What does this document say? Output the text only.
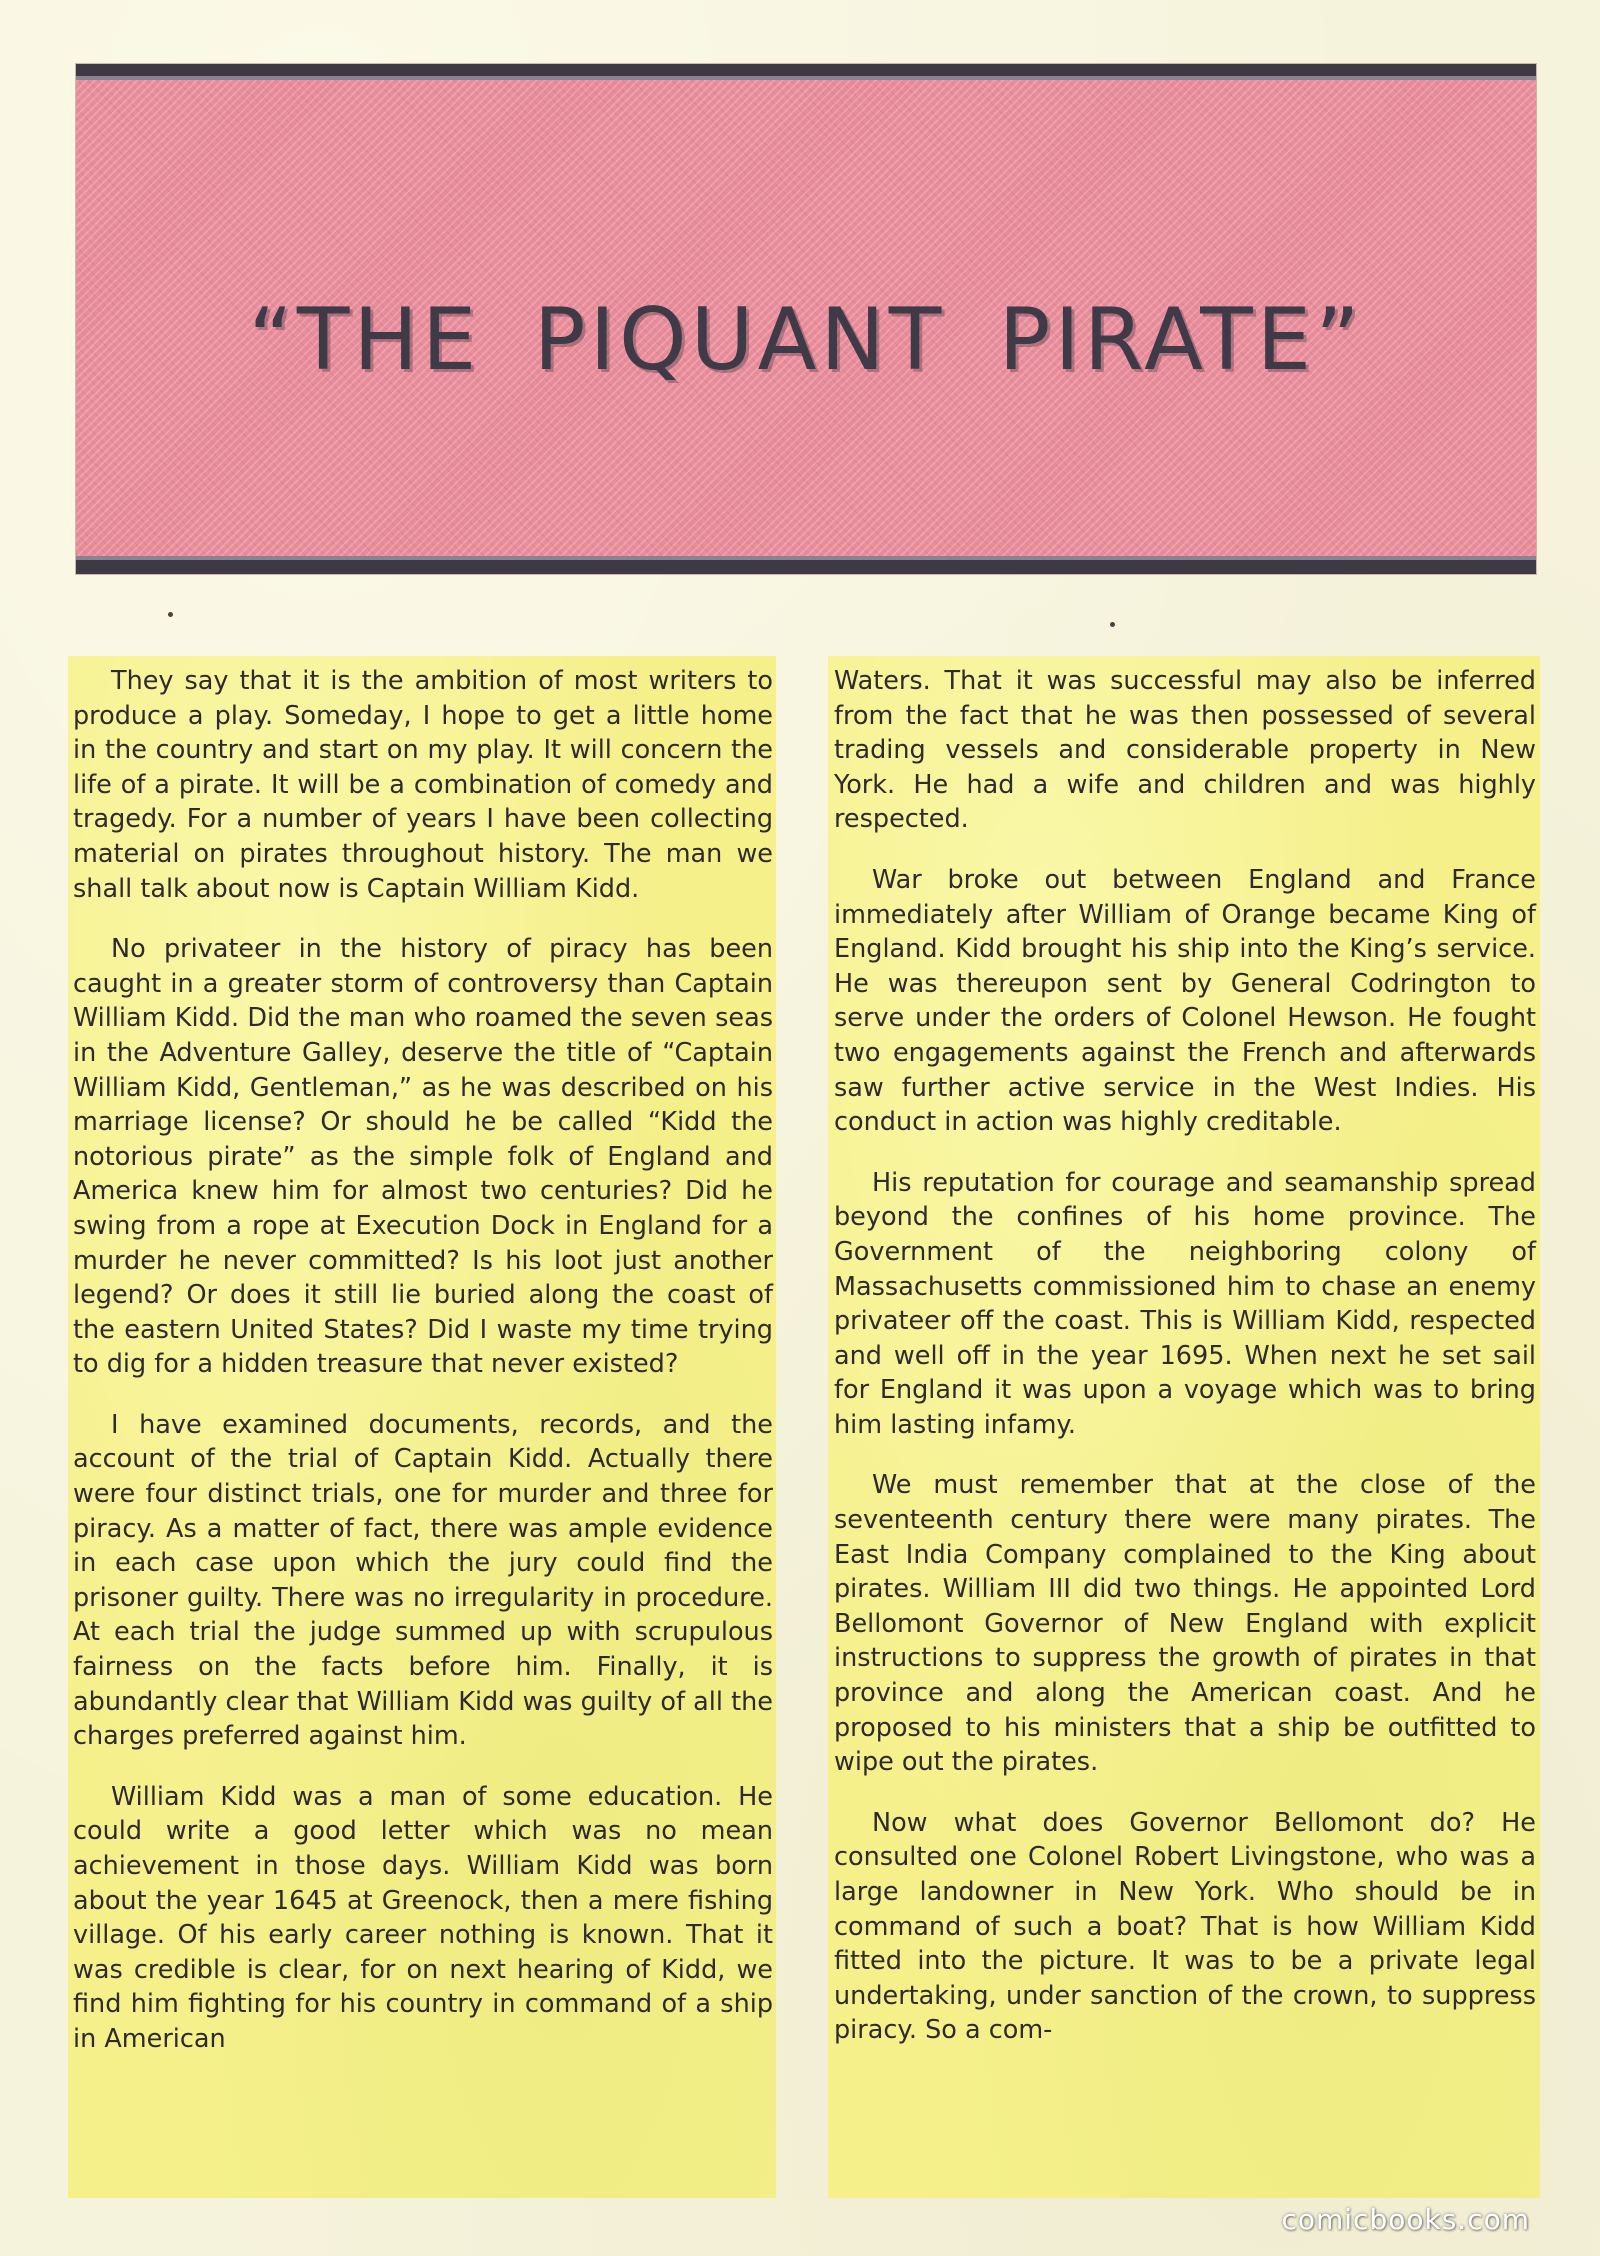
“THE PIQUANT PIRATE”

They say that it is the ambition of most writers to produce a play. Someday, I hope to get a little home in the country and start on my play. It will concern the life of a pirate. It will be a combination of comedy and tragedy. For a number of years I have been collecting material on pirates throughout history. The man we shall talk about now is Captain William Kidd.

No privateer in the history of piracy has been caught in a greater storm of controversy than Captain William Kidd. Did the man who roamed the seven seas in the Adventure Galley, deserve the title of “Captain William Kidd, Gentleman,” as he was described on his marriage license? Or should he be called “Kidd the notorious pirate” as the simple folk of England and America knew him for almost two centuries? Did he swing from a rope at Execution Dock in England for a murder he never committed? Is his loot just another legend? Or does it still lie buried along the coast of the eastern United States? Did I waste my time trying to dig for a hidden treasure that never existed?

I have examined documents, records, and the account of the trial of Captain Kidd. Actually there were four distinct trials, one for murder and three for piracy. As a matter of fact, there was ample evidence in each case upon which the jury could find the prisoner guilty. There was no irregularity in procedure. At each trial the judge summed up with scrupulous fairness on the facts before him. Finally, it is abundantly clear that William Kidd was guilty of all the charges preferred against him.

William Kidd was a man of some education. He could write a good letter which was no mean achievement in those days. William Kidd was born about the year 1645 at Greenock, then a mere fishing village. Of his early career nothing is known. That it was credible is clear, for on next hearing of Kidd, we find him fighting for his country in command of a ship in American

Waters. That it was successful may also be inferred from the fact that he was then possessed of several trading vessels and considerable property in New York. He had a wife and children and was highly respected.

War broke out between England and France immediately after William of Orange became King of England. Kidd brought his ship into the King’s service. He was thereupon sent by General Codrington to serve under the orders of Colonel Hewson. He fought two engagements against the French and afterwards saw further active service in the West Indies. His conduct in action was highly creditable.

His reputation for courage and seamanship spread beyond the confines of his home province. The Government of the neighboring colony of Massachusetts commissioned him to chase an enemy privateer off the coast. This is William Kidd, respected and well off in the year 1695. When next he set sail for England it was upon a voyage which was to bring him lasting infamy.

We must remember that at the close of the seventeenth century there were many pirates. The East India Company complained to the King about pirates. William III did two things. He appointed Lord Bellomont Governor of New England with explicit instructions to suppress the growth of pirates in that province and along the American coast. And he proposed to his ministers that a ship be outfitted to wipe out the pirates.

Now what does Governor Bellomont do? He consulted one Colonel Robert Livingstone, who was a large landowner in New York. Who should be in command of such a boat? That is how William Kidd fitted into the picture. It was to be a private legal undertaking, under sanction of the crown, to suppress piracy. So a com-

comicbooks.com
